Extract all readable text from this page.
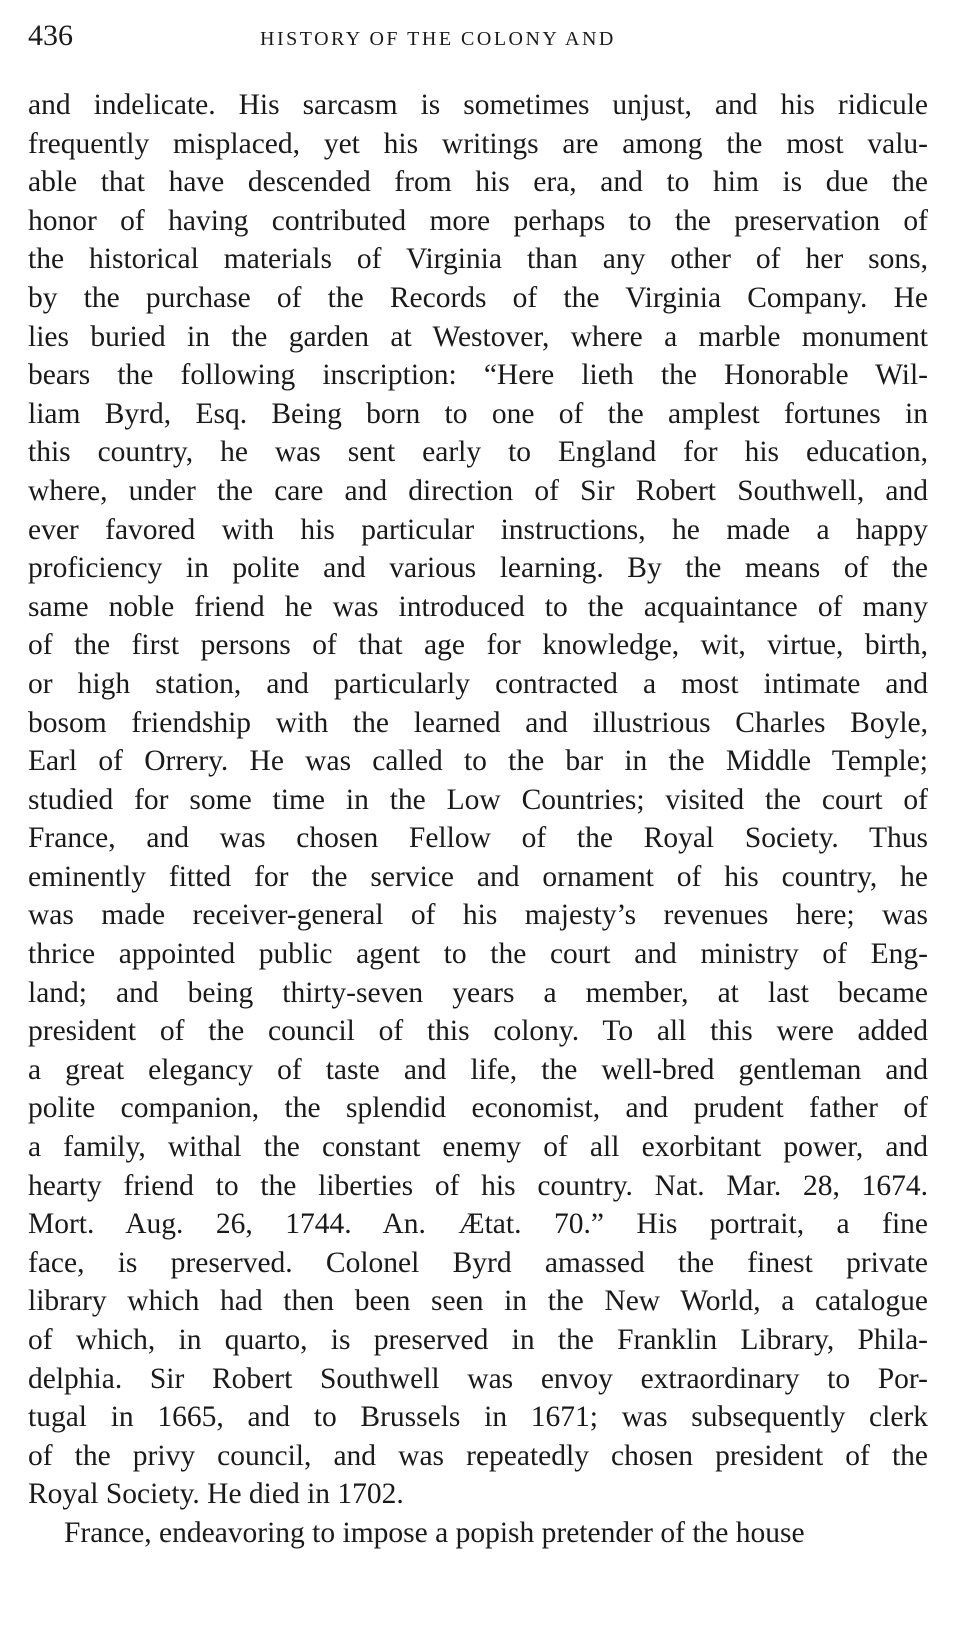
436	HISTORY OF THE COLONY AND
and indelicate. His sarcasm is sometimes unjust, and his ridicule
frequently misplaced, yet his writings are among the most valu-
able that have descended from his era, and to him is due the
honor of having contributed more perhaps to the preservation of
the historical materials of Virginia than any other of her sons,
by the purchase of the Records of the Virginia Company. He
lies buried in the garden at Westover, where a marble monument
bears the following inscription: “Here lieth the Honorable Wil-
liam Byrd, Esq. Being born to one of the amplest fortunes in
this country, he was sent early to England for his education,
where, under the care and direction of Sir Robert Southwell, and
ever favored with his particular instructions, he made a happy
proficiency in polite and various learning. By the means of the
same noble friend he was introduced to the acquaintance of many
of the first persons of that age for knowledge, wit, virtue, birth,
or high station, and particularly contracted a most intimate and
bosom friendship with the learned and illustrious Charles Boyle,
Earl of Orrery. He was called to the bar in the Middle Temple;
studied for some time in the Low Countries; visited the court of
France, and was chosen Fellow of the Royal Society. Thus
eminently fitted for the service and ornament of his country, he
was made receiver-general of his majesty’s revenues here; was
thrice appointed public agent to the court and ministry of Eng-
land; and being thirty-seven years a member, at last became
president of the council of this colony. To all this were added
a great elegancy of taste and life, the well-bred gentleman and
polite companion, the splendid economist, and prudent father of
a family, withal the constant enemy of all exorbitant power, and
hearty friend to the liberties of his country. Nat. Mar. 28, 1674.
Mort. Aug. 26, 1744. An. Ætat. 70.” His portrait, a fine
face, is preserved. Colonel Byrd amassed the finest private
library which had then been seen in the New World, a catalogue
of which, in quarto, is preserved in the Franklin Library, Phila-
delphia. Sir Robert Southwell was envoy extraordinary to Por-
tugal in 1665, and to Brussels in 1671; was subsequently clerk
of the privy council, and was repeatedly chosen president of the
Royal Society. He died in 1702.
France, endeavoring to impose a popish pretender of the house
